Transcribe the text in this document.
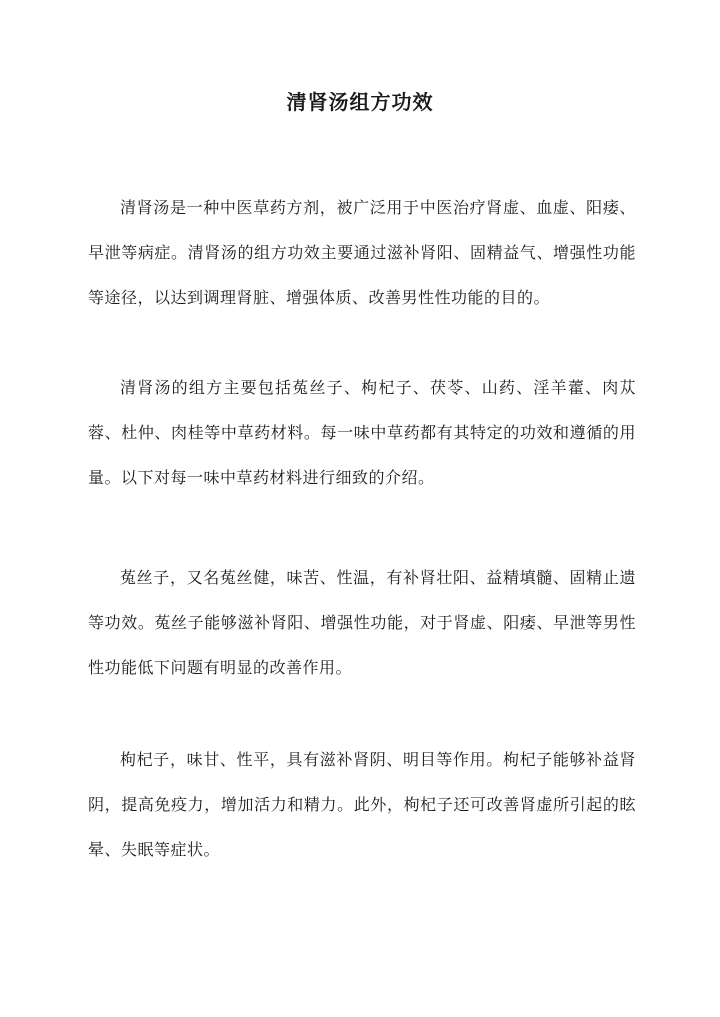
清肾汤组方功效

清肾汤是一种中医草药方剂，被广泛用于中医治疗肾虚、血虚、阳痿、早泄等病症。清肾汤的组方功效主要通过滋补肾阳、固精益气、增强性功能等途径，以达到调理肾脏、增强体质、改善男性性功能的目的。

清肾汤的组方主要包括菟丝子、枸杞子、茯苓、山药、淫羊藿、肉苁蓉、杜仲、肉桂等中草药材料。每一味中草药都有其特定的功效和遵循的用量。以下对每一味中草药材料进行细致的介绍。

菟丝子，又名菟丝健，味苦、性温，有补肾壮阳、益精填髓、固精止遗等功效。菟丝子能够滋补肾阳、增强性功能，对于肾虚、阳痿、早泄等男性性功能低下问题有明显的改善作用。

枸杞子，味甘、性平，具有滋补肾阴、明目等作用。枸杞子能够补益肾阴，提高免疫力，增加活力和精力。此外，枸杞子还可改善肾虚所引起的眩晕、失眠等症状。
